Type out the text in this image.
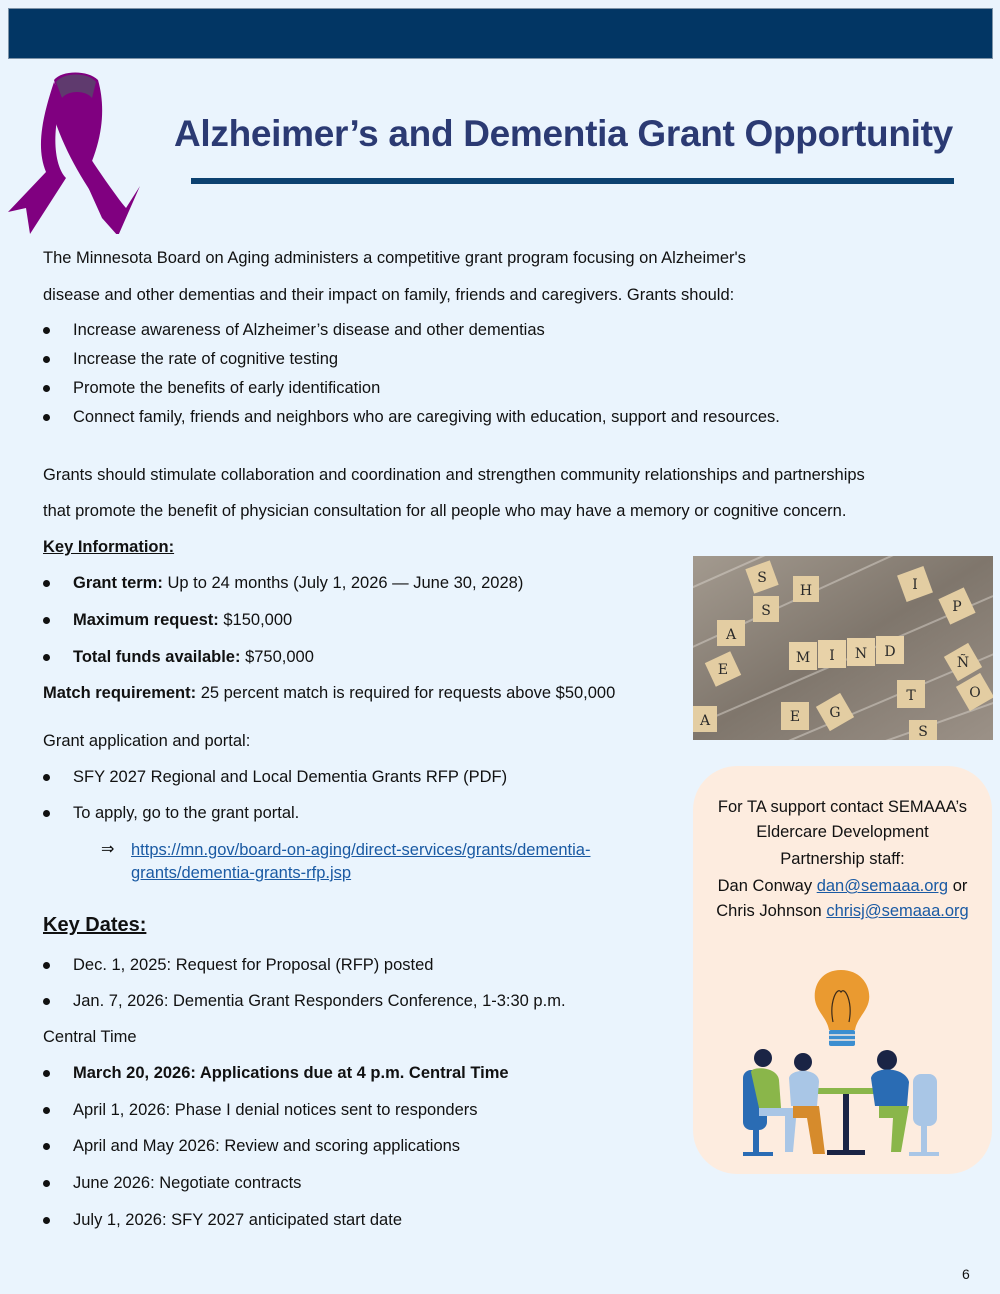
Alzheimer’s and Dementia Grant Opportunity
The Minnesota Board on Aging administers a competitive grant program focusing on Alzheimer's
disease and other dementias and their impact on family, friends and caregivers. Grants should:
Increase awareness of Alzheimer’s disease and other dementias
Increase the rate of cognitive testing
Promote the benefits of early identification
Connect family, friends and neighbors who are caregiving with education, support and resources.
Grants should stimulate collaboration and coordination and strengthen community relationships and partnerships
that promote the benefit of physician consultation for all people who may have a memory or cognitive concern.
Key Information:
Grant term: Up to 24 months (July 1, 2026 — June 30, 2028)
Maximum request: $150,000
Total funds available: $750,000
Match requirement: 25 percent match is required for requests above $50,000
Grant application and portal:
SFY 2027 Regional and Local Dementia Grants RFP (PDF)
To apply, go to the grant portal.
⇒ https://mn.gov/board-on-aging/direct-services/grants/dementia-
grants/dementia-grants-rfp.jsp
Key Dates:
Dec. 1, 2025: Request for Proposal (RFP) posted
Jan. 7, 2026: Dementia Grant Responders Conference, 1-3:30 p.m.
Central Time
March 20, 2026: Applications due at 4 p.m. Central Time
April 1, 2026: Phase I denial notices sent to responders
April and May 2026: Review and scoring applications
June 2026: Negotiate contracts
July 1, 2026: SFY 2027 anticipated start date
M I N D
S
H
S
A
E
E G
T
I
P
Ñ
O
S
A
For TA support contact SEMAAA’s
Eldercare Development
Partnership staff:
Dan Conway dan@semaaa.org or
Chris Johnson chrisj@semaaa.org
6
